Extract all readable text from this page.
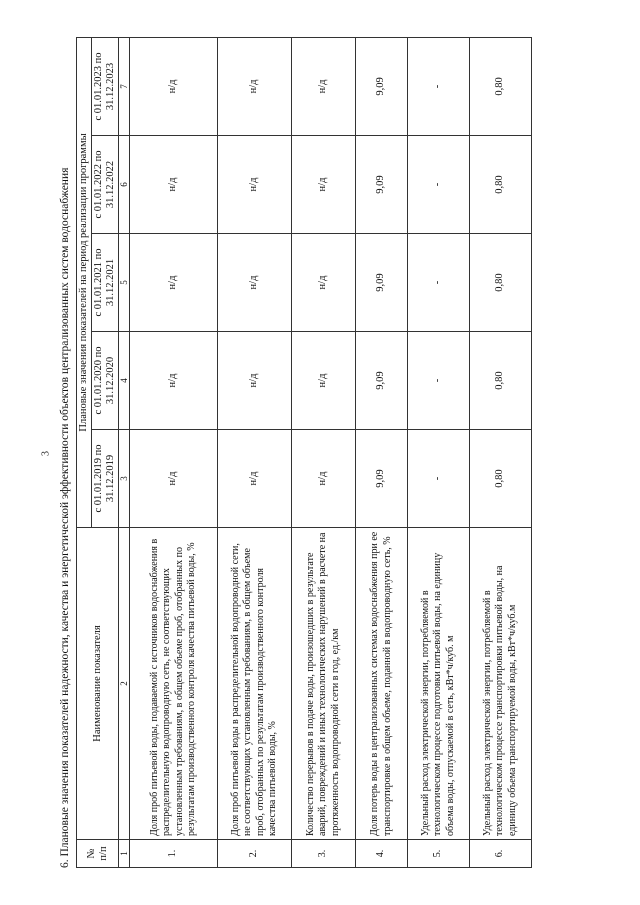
3 6. Плановые значения показателей надежности, качества и энергетической эффективности объектов централизованных систем водоснабжения № п/п	Наименование показателя	Плановые значения показателей на период реализации программы				
		с 01.01.2019 по 31.12.2019	с 01.01.2020 по 31.12.2020	с 01.01.2021 по 31.12.2021	с 01.01.2022 по 31.12.2022	с 01.01.2023 по 31.12.2023
1	2	3	4	5	6	7
1.	Доля проб питьевой воды, подаваемой с источников водоснабжения в распределительную водопроводную сеть, не соответствующих установленным требованиям, в общем объеме проб, отобранных по результатам производственного контроля качества питьевой воды, %	н/д	н/д	н/д	н/д	н/д
2.	Доля проб питьевой воды в распределительной водопроводной сети, не соответствующих установленным требованиям, в общем объеме проб, отобранных по результатам производственного контроля качества питьевой воды, %	н/д	н/д	н/д	н/д	н/д
3.	Количество перерывов в подаче воды, произошедших в результате аварий, повреждений и иных технологических нарушений в расчете на протяженность водопроводной сети в год, ед./км	н/д	н/д	н/д	н/д	н/д
4.	Доля потерь воды в централизованных системах водоснабжения при ее транспортировке в общем объеме, поданной в водопроводную сеть, %	9,09	9,09	9,09	9,09	9,09
5.	Удельный расход электрической энергии, потребляемой в технологическом процессе подготовки питьевой воды, на единицу объема воды, отпускаемой в сеть, кВт*ч/куб. м	-	-	-	-	-
6.	Удельный расход электрической энергии, потребляемой в технологическом процессе транспортировки питьевой воды, на единицу объема транспортируемой воды, кВт*ч/куб.м	0,80	0,80	0,80	0,80	0,80
